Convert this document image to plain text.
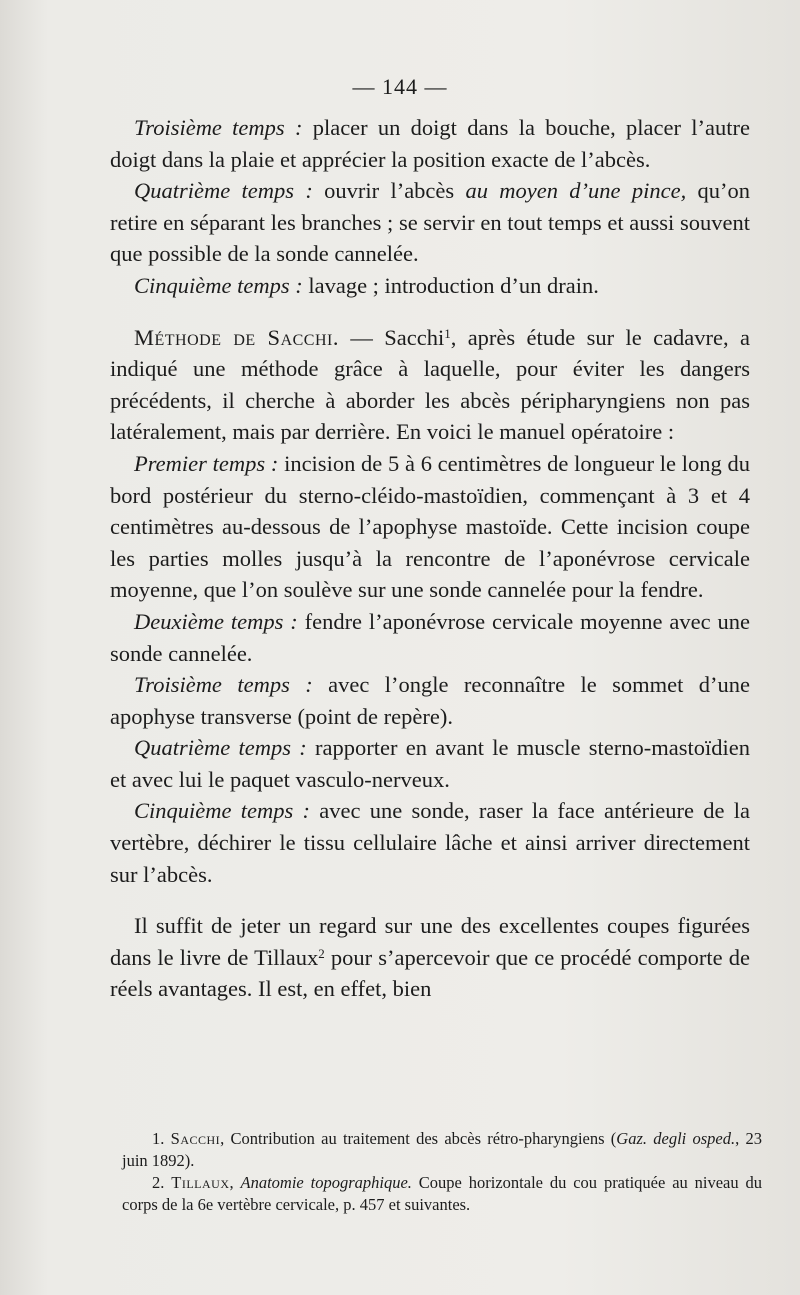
— 144 —

Troisième temps : placer un doigt dans la bouche, placer l’autre doigt dans la plaie et apprécier la position exacte de l’abcès.

Quatrième temps : ouvrir l’abcès au moyen d’une pince, qu’on retire en séparant les branches ; se servir en tout temps et aussi souvent que possible de la sonde cannelée.

Cinquième temps : lavage ; introduction d’un drain.

Méthode de Sacchi. — Sacchi$^1$, après étude sur le cadavre, a indiqué une méthode grâce à laquelle, pour éviter les dangers précédents, il cherche à aborder les abcès péripharyngiens non pas latéralement, mais par derrière. En voici le manuel opératoire :

Premier temps : incision de 5 à 6 centimètres de longueur le long du bord postérieur du sterno-cléido-mastoïdien, commençant à 3 et 4 centimètres au-dessous de l’apophyse mastoïde. Cette incision coupe les parties molles jusqu’à la rencontre de l’aponévrose cervicale moyenne, que l’on soulève sur une sonde cannelée pour la fendre.

Deuxième temps : fendre l’aponévrose cervicale moyenne avec une sonde cannelée.

Troisième temps : avec l’ongle reconnaître le sommet d’une apophyse transverse (point de repère).

Quatrième temps : rapporter en avant le muscle sterno-mastoïdien et avec lui le paquet vasculo-nerveux.

Cinquième temps : avec une sonde, raser la face antérieure de la vertèbre, déchirer le tissu cellulaire lâche et ainsi arriver directement sur l’abcès.

Il suffit de jeter un regard sur une des excellentes coupes figurées dans le livre de Tillaux$^2$ pour s’apercevoir que ce procédé comporte de réels avantages. Il est, en effet, bien

1. Sacchi, Contribution au traitement des abcès rétro-pharyngiens (Gaz. degli osped., 23 juin 1892).

2. Tillaux, Anatomie topographique. Coupe horizontale du cou pratiquée au niveau du corps de la 6e vertèbre cervicale, p. 457 et suivantes.
